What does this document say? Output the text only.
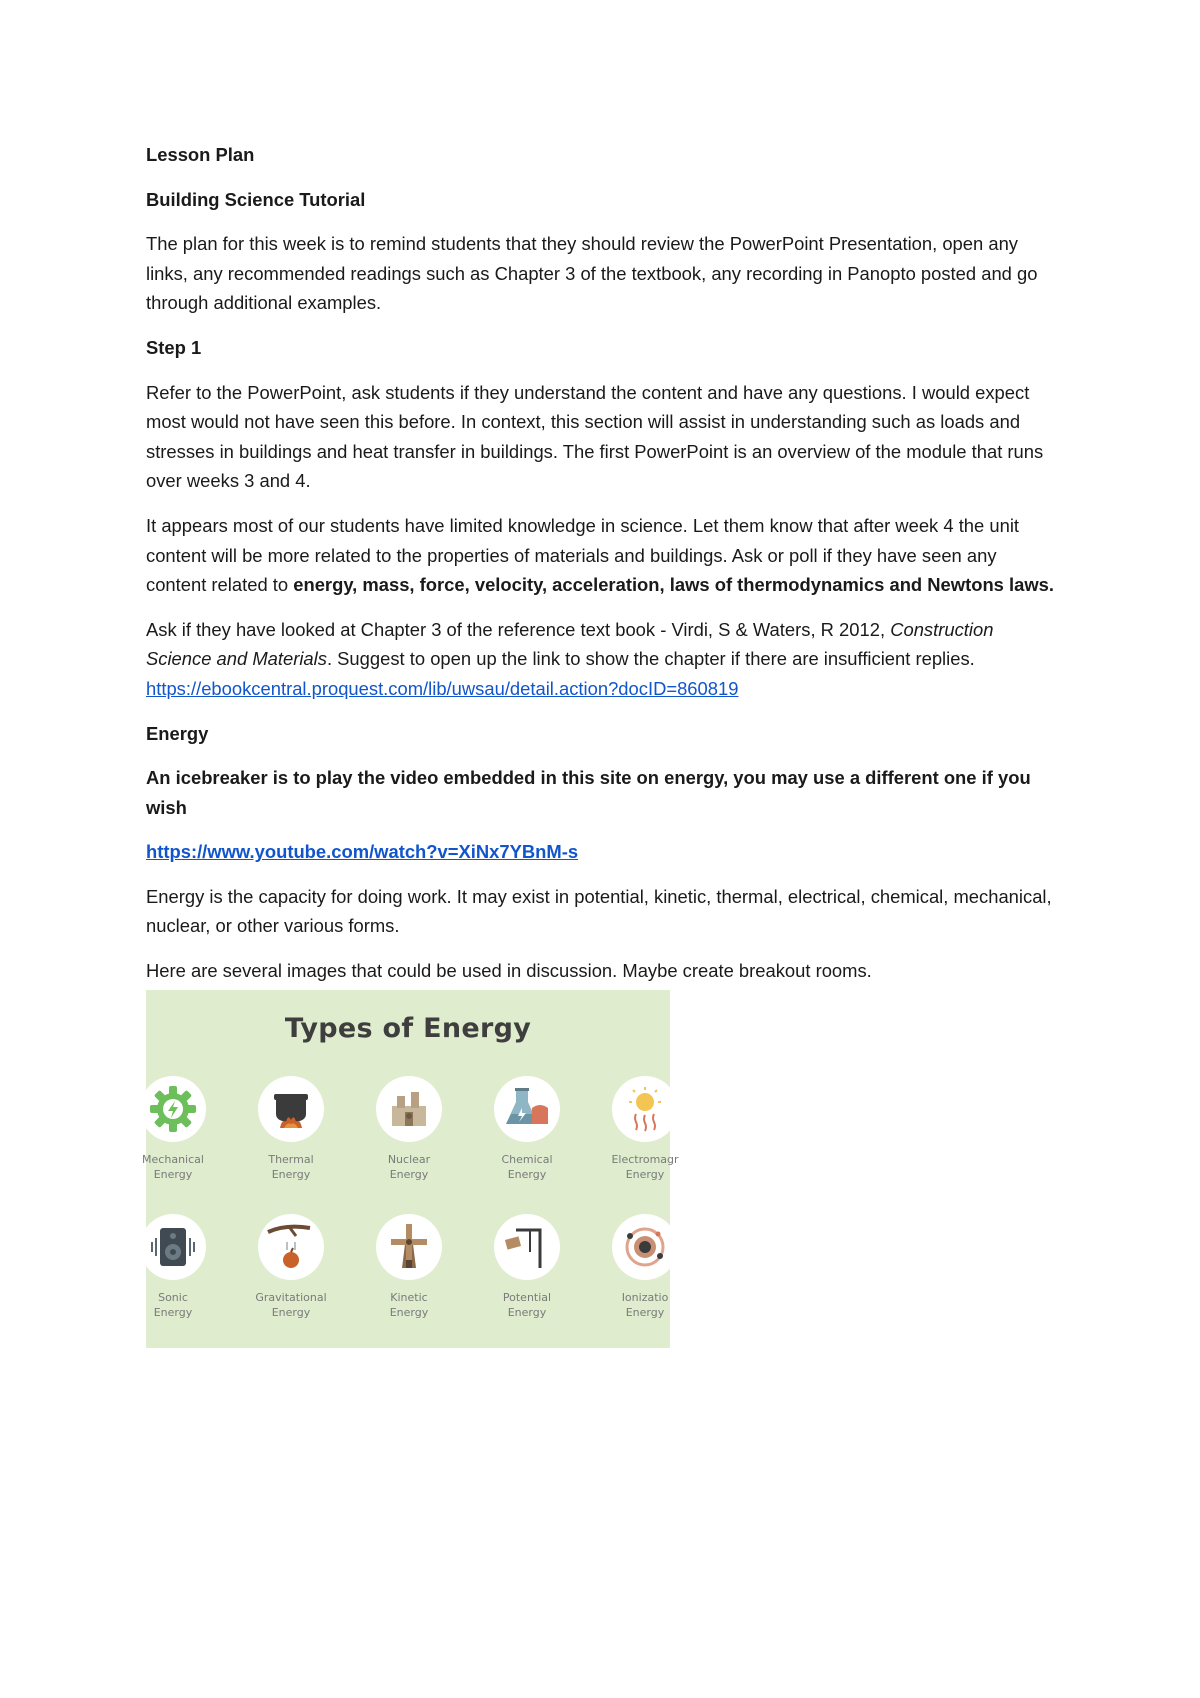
Lesson Plan

Building Science Tutorial

The plan for this week is to remind students that they should review the PowerPoint Presentation, open any links, any recommended readings such as Chapter 3 of the textbook, any recording in Panopto posted and go through additional examples.

Step 1

Refer to the PowerPoint, ask students if they understand the content and have any questions. I would expect most would not have seen this before. In context, this section will assist in understanding such as loads and stresses in buildings and heat transfer in buildings. The first PowerPoint is an overview of the module that runs over weeks 3 and 4.

It appears most of our students have limited knowledge in science. Let them know that after week 4 the unit content will be more related to the properties of materials and buildings. Ask or poll if they have seen any content related to energy, mass, force, velocity, acceleration, laws of thermodynamics and Newtons laws.

Ask if they have looked at Chapter 3 of the reference text book - Virdi, S & Waters, R 2012, Construction Science and Materials. Suggest to open up the link to show the chapter if there are insufficient replies. https://ebookcentral.proquest.com/lib/uwsau/detail.action?docID=860819

Energy

An icebreaker is to play the video embedded in this site on energy, you may use a different one if you wish

https://www.youtube.com/watch?v=XiNx7YBnM-s

Energy is the capacity for doing work. It may exist in potential, kinetic, thermal, electrical, chemical, mechanical, nuclear, or other various forms.

Here are several images that could be used in discussion. Maybe create breakout rooms.

Types of Energy
Mechanical
Energy
Thermal
Energy
Nuclear
Energy
Chemical
Energy
Electromagr
Energy
Sonic
Energy
Gravitational
Energy
Kinetic
Energy
Potential
Energy
Ionizatio
Energy
